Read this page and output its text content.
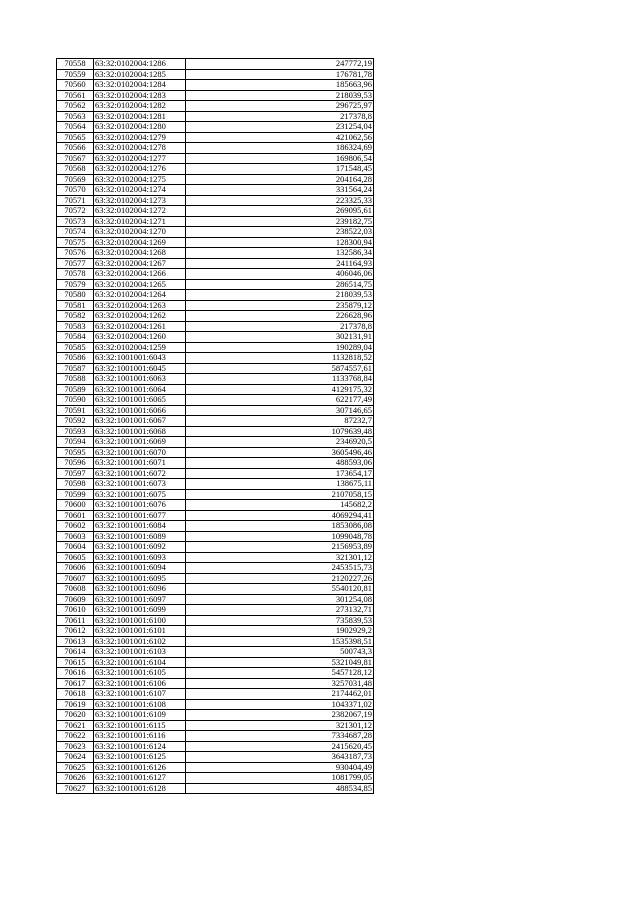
70558	63:32:0102004:1286	247772,19
70559	63:32:0102004:1285	176781,78
70560	63:32:0102004:1284	185663,96
70561	63:32:0102004:1283	218039,53
70562	63:32:0102004:1282	296725,97
70563	63:32:0102004:1281	217378,8
70564	63:32:0102004:1280	231254,04
70565	63:32:0102004:1279	421062,56
70566	63:32:0102004:1278	186324,69
70567	63:32:0102004:1277	169806,54
70568	63:32:0102004:1276	171548,45
70569	63:32:0102004:1275	204164,28
70570	63:32:0102004:1274	331564,24
70571	63:32:0102004:1273	223325,33
70572	63:32:0102004:1272	269095,61
70573	63:32:0102004:1271	239182,75
70574	63:32:0102004:1270	238522,03
70575	63:32:0102004:1269	128300,94
70576	63:32:0102004:1268	132586,34
70577	63:32:0102004:1267	241164,93
70578	63:32:0102004:1266	406046,06
70579	63:32:0102004:1265	286514,75
70580	63:32:0102004:1264	218039,53
70581	63:32:0102004:1263	235879,12
70582	63:32:0102004:1262	226628,96
70583	63:32:0102004:1261	217378,8
70584	63:32:0102004:1260	302131,91
70585	63:32:0102004:1259	190289,04
70586	63:32:1001001:6043	1132818,52
70587	63:32:1001001:6045	5874557,61
70588	63:32:1001001:6063	1133768,84
70589	63:32:1001001:6064	4129175,32
70590	63:32:1001001:6065	622177,49
70591	63:32:1001001:6066	307146,65
70592	63:32:1001001:6067	87232,7
70593	63:32:1001001:6068	1079639,48
70594	63:32:1001001:6069	2346920,5
70595	63:32:1001001:6070	3605496,46
70596	63:32:1001001:6071	488593,06
70597	63:32:1001001:6072	173654,17
70598	63:32:1001001:6073	138675,11
70599	63:32:1001001:6075	2107058,15
70600	63:32:1001001:6076	145682,2
70601	63:32:1001001:6077	4069294,41
70602	63:32:1001001:6084	1853086,08
70603	63:32:1001001:6089	1099048,78
70604	63:32:1001001:6092	2156953,89
70605	63:32:1001001:6093	321301,12
70606	63:32:1001001:6094	2453515,73
70607	63:32:1001001:6095	2120227,26
70608	63:32:1001001:6096	5540120,81
70609	63:32:1001001:6097	301254,08
70610	63:32:1001001:6099	273132,71
70611	63:32:1001001:6100	735839,53
70612	63:32:1001001:6101	1902929,2
70613	63:32:1001001:6102	1535398,51
70614	63:32:1001001:6103	500743,3
70615	63:32:1001001:6104	5321049,81
70616	63:32:1001001:6105	5457128,12
70617	63:32:1001001:6106	3257031,48
70618	63:32:1001001:6107	2174462,01
70619	63:32:1001001:6108	1043371,02
70620	63:32:1001001:6109	2382067,19
70621	63:32:1001001:6115	321301,12
70622	63:32:1001001:6116	7334687,28
70623	63:32:1001001:6124	2415620,45
70624	63:32:1001001:6125	3643187,73
70625	63:32:1001001:6126	930404,49
70626	63:32:1001001:6127	1081799,05
70627	63:32:1001001:6128	488534,85
